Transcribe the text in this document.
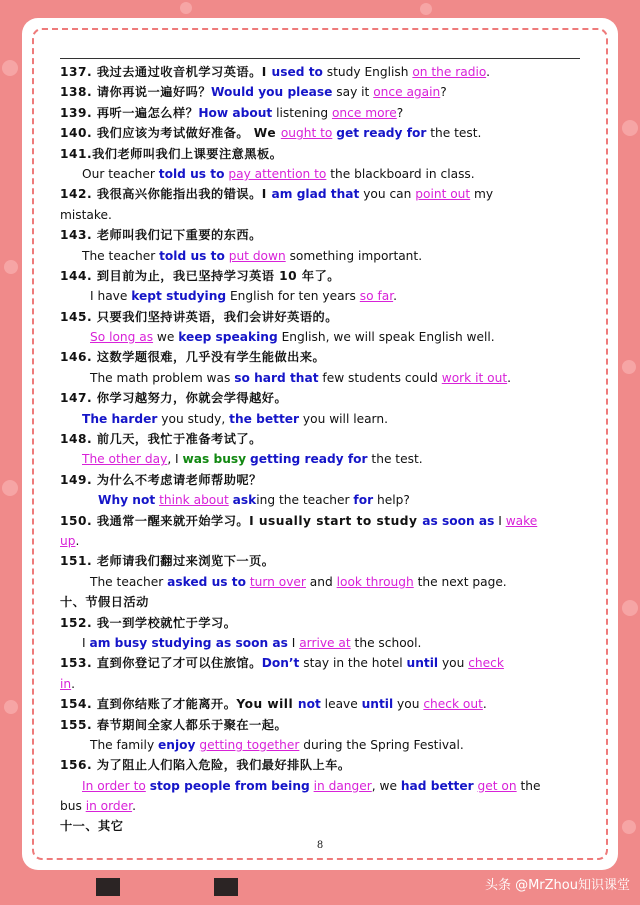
137. 我过去通过收音机学习英语。I used to study English on the radio.
138. 请你再说一遍好吗？Would you please say it once again?
139. 再听一遍怎么样？How about listening once more?
140. 我们应该为考试做好准备。 We ought to get ready for the test.
141.我们老师叫我们上课要注意黑板。
Our teacher told us to pay attention to the blackboard in class.
142. 我很高兴你能指出我的错误。I am glad that you can point out my
mistake.
143. 老师叫我们记下重要的东西。
The teacher told us to put down something important.
144. 到目前为止，我已坚持学习英语 10 年了。
I have kept studying English for ten years so far.
145. 只要我们坚持讲英语，我们会讲好英语的。
So long as we keep speaking English, we will speak English well.
146. 这数学题很难，几乎没有学生能做出来。
The math problem was so hard that few students could work it out.
147. 你学习越努力，你就会学得越好。
The harder you study, the better you will learn.
148. 前几天，我忙于准备考试了。
The other day, I was busy getting ready for the test.
149. 为什么不考虑请老师帮助呢？
Why not think about asking the teacher for help?
150. 我通常一醒来就开始学习。I usually start to study as soon as I wake
up.
151. 老师请我们翻过来浏览下一页。
The teacher asked us to turn over and look through the next page.
十、节假日活动
152. 我一到学校就忙于学习。
I am busy studying as soon as I arrive at the school.
153. 直到你登记了才可以住旅馆。Don’t stay in the hotel until you check
in.
154. 直到你结账了才能离开。You will not leave until you check out.
155. 春节期间全家人都乐于聚在一起。
The family enjoy getting together during the Spring Festival.
156. 为了阻止人们陷入危险，我们最好排队上车。
In order to stop people from being in danger, we had better get on the
bus in order.
十一、其它
8
头条 @MrZhou知识课堂
